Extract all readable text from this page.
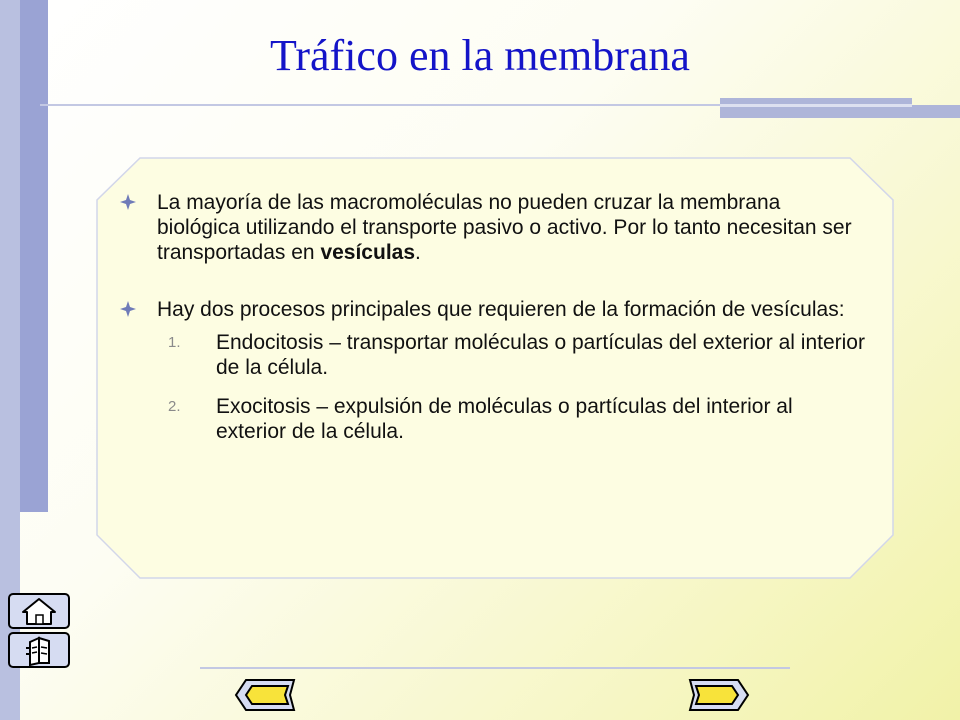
Tráfico en la membrana
La mayoría de las macromoléculas no pueden cruzar la membrana biológica utilizando el transporte pasivo o activo. Por lo tanto necesitan ser transportadas en vesículas.
Hay dos procesos principales que requieren de la formación de vesículas:
1. Endocitosis – transportar moléculas o partículas del exterior al interior de la célula.
2. Exocitosis – expulsión de moléculas o partículas del interior al exterior de la célula.
